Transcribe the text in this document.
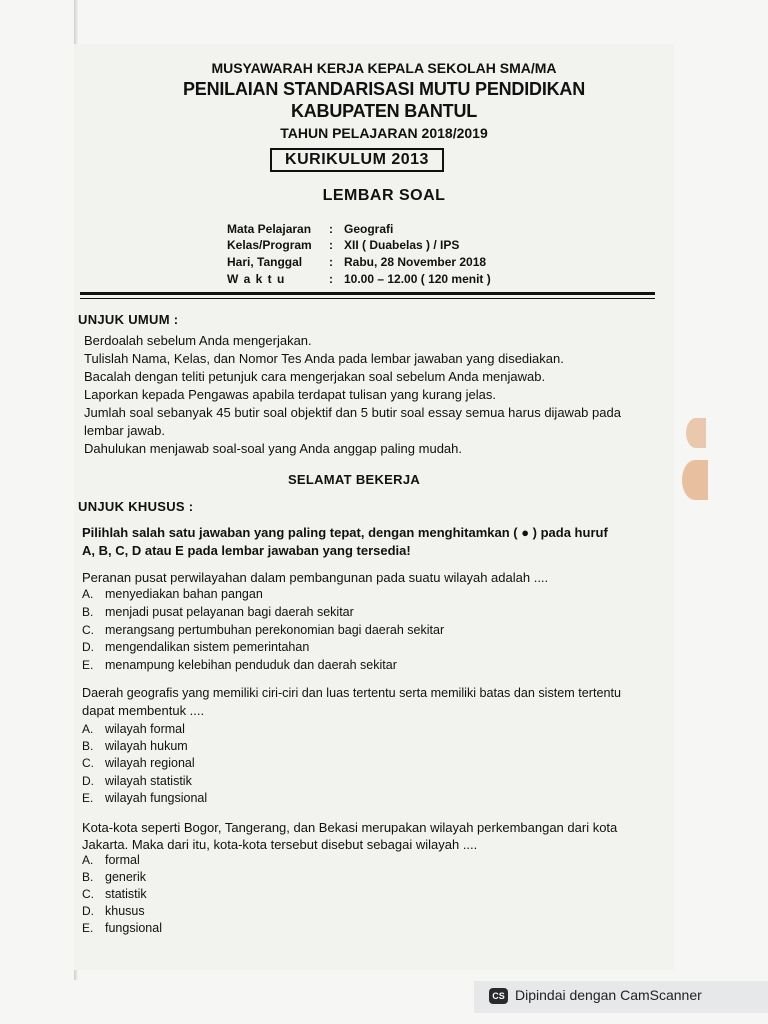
MUSYAWARAH KERJA KEPALA SEKOLAH SMA/MA
PENILAIAN STANDARISASI MUTU PENDIDIKAN
KABUPATEN BANTUL
TAHUN PELAJARAN 2018/2019
KURIKULUM 2013
LEMBAR SOAL
Mata Pelajaran	: Geografi
Kelas/Program	: XII ( Duabelas ) / IPS
Hari, Tanggal	: Rabu, 28 November 2018
W a k t u	: 10.00 – 12.00 ( 120 menit )
UNJUK UMUM :
Berdoalah sebelum Anda mengerjakan.
Tulislah Nama, Kelas, dan Nomor Tes Anda pada lembar jawaban yang disediakan.
Bacalah dengan teliti petunjuk cara mengerjakan soal sebelum Anda menjawab.
Laporkan kepada Pengawas apabila terdapat tulisan yang kurang jelas.
Jumlah soal sebanyak 45 butir soal objektif dan 5 butir soal essay semua harus dijawab pada
lembar jawab.
Dahulukan menjawab soal-soal yang Anda anggap paling mudah.
SELAMAT BEKERJA
UNJUK KHUSUS :
Pilihlah salah satu jawaban yang paling tepat, dengan menghitamkan ( ● ) pada huruf
A, B, C, D atau E pada lembar jawaban yang tersedia!
Peranan pusat perwilayahan dalam pembangunan pada suatu wilayah adalah ....
A. menyediakan bahan pangan
B. menjadi pusat pelayanan bagi daerah sekitar
C. merangsang pertumbuhan perekonomian bagi daerah sekitar
D. mengendalikan sistem pemerintahan
E. menampung kelebihan penduduk dan daerah sekitar
Daerah geografis yang memiliki ciri-ciri dan luas tertentu serta memiliki batas dan sistem tertentu
dapat membentuk ....
A. wilayah formal
B. wilayah hukum
C. wilayah regional
D. wilayah statistik
E. wilayah fungsional
Kota-kota seperti Bogor, Tangerang, dan Bekasi merupakan wilayah perkembangan dari kota
Jakarta. Maka dari itu, kota-kota tersebut disebut sebagai wilayah ....
A. formal
B. generik
C. statistik
D. khusus
E. fungsional
CS Dipindai dengan CamScanner
